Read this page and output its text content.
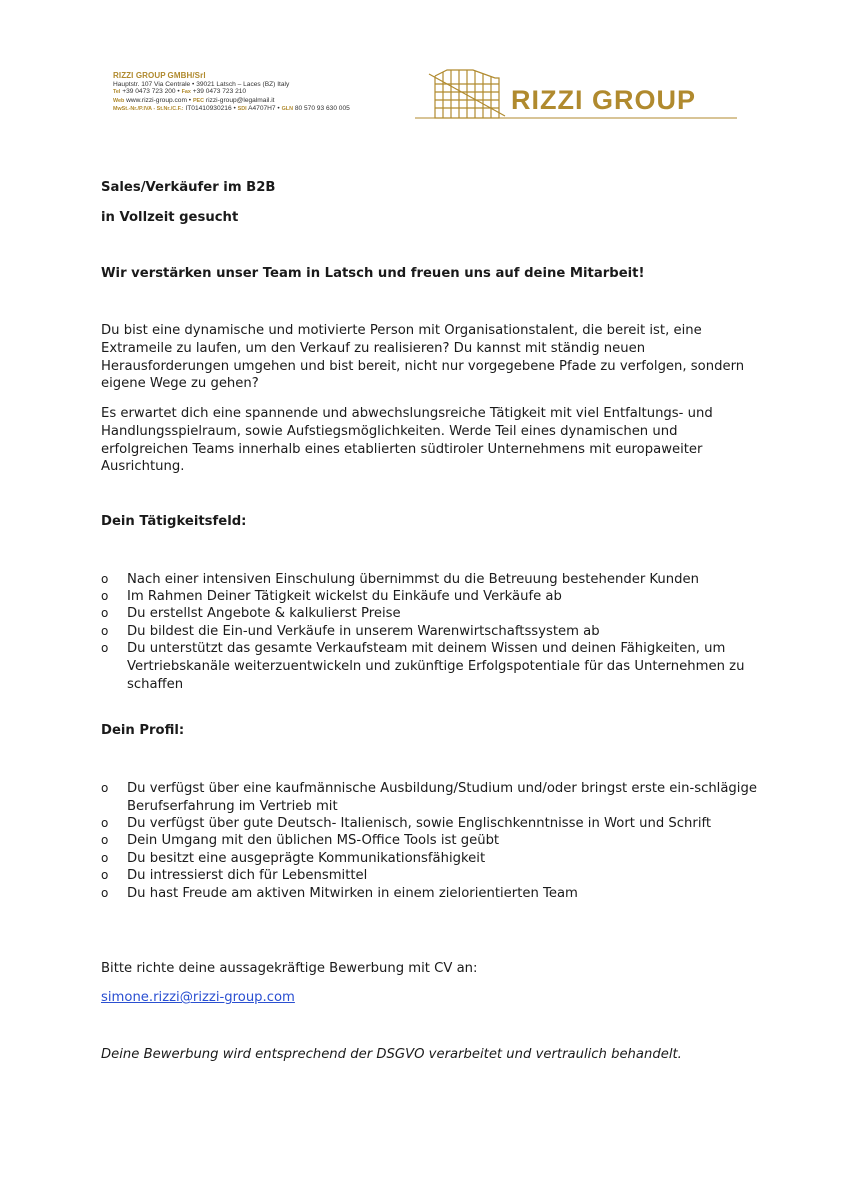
RIZZI GROUP GMBH/Srl
Hauptstr. 107 Via Centrale • 39021 Latsch – Laces (BZ) Italy
Tel +39 0473 723 200 • Fax +39 0473 723 210
Web www.rizzi-group.com • PEC rizzi-group@legalmail.it
MwSt.-Nr./P.IVA - St.Nr./C.F.: IT01410930216 • SDI A4707H7 • GLN 80 570 93 630 005	RIZZI GROUP
Sales/Verkäufer im B2B
in Vollzeit gesucht
Wir verstärken unser Team in Latsch und freuen uns auf deine Mitarbeit!
Du bist eine dynamische und motivierte Person mit Organisationstalent, die bereit ist, eine Extrameile zu laufen, um den Verkauf zu realisieren? Du kannst mit ständig neuen Herausforderungen umgehen und bist bereit, nicht nur vorgegebene Pfade zu verfolgen, sondern eigene Wege zu gehen?
Es erwartet dich eine spannende und abwechslungsreiche Tätigkeit mit viel Entfaltungs- und Handlungsspielraum, sowie Aufstiegsmöglichkeiten. Werde Teil eines dynamischen und erfolgreichen Teams innerhalb eines etablierten südtiroler Unternehmens mit europaweiter Ausrichtung.
Dein Tätigkeitsfeld:
o Nach einer intensiven Einschulung übernimmst du die Betreuung bestehender Kunden
o Im Rahmen Deiner Tätigkeit wickelst du Einkäufe und Verkäufe ab
o Du erstellst Angebote & kalkulierst Preise
o Du bildest die Ein-und Verkäufe in unserem Warenwirtschaftssystem ab
o Du unterstützt das gesamte Verkaufsteam mit deinem Wissen und deinen Fähigkeiten, um Vertriebskanäle weiterzuentwickeln und zukünftige Erfolgspotentiale für das Unternehmen zu schaffen
Dein Profil:
o Du verfügst über eine kaufmännische Ausbildung/Studium und/oder bringst erste ein-schlägige Berufserfahrung im Vertrieb mit
o Du verfügst über gute Deutsch- Italienisch, sowie Englischkenntnisse in Wort und Schrift
o Dein Umgang mit den üblichen MS-Office Tools ist geübt
o Du besitzt eine ausgeprägte Kommunikationsfähigkeit
o Du intressierst dich für Lebensmittel
o Du hast Freude am aktiven Mitwirken in einem zielorientierten Team
Bitte richte deine aussagekräftige Bewerbung mit CV an:
simone.rizzi@rizzi-group.com
Deine Bewerbung wird entsprechend der DSGVO verarbeitet und vertraulich behandelt.
